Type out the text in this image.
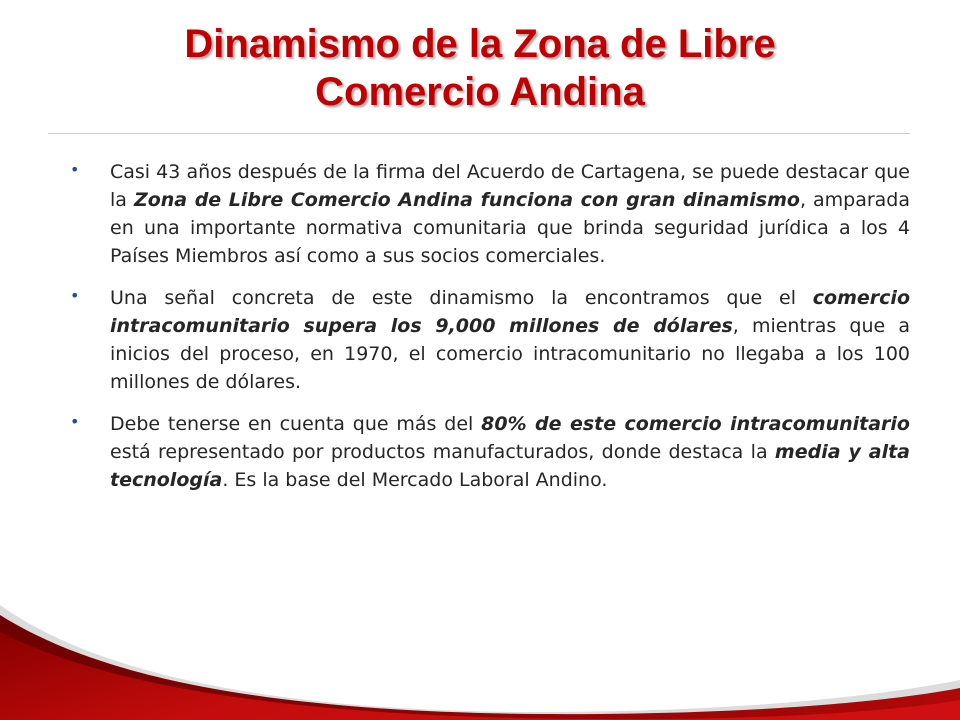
Dinamismo de la Zona de Libre
Comercio Andina

•	Casi 43 años después de la firma del Acuerdo de Cartagena, se puede destacar que la Zona de Libre Comercio Andina funciona con gran dinamismo, amparada en una importante normativa comunitaria que brinda seguridad jurídica a los 4 Países Miembros así como a sus socios comerciales.

•	Una señal concreta de este dinamismo la encontramos que el comercio intracomunitario supera los 9,000 millones de dólares, mientras que a inicios del proceso, en 1970, el comercio intracomunitario no llegaba a los 100 millones de dólares.

•	Debe tenerse en cuenta que más del 80% de este comercio intracomunitario está representado por productos manufacturados, donde destaca la media y alta tecnología. Es la base del Mercado Laboral Andino.
